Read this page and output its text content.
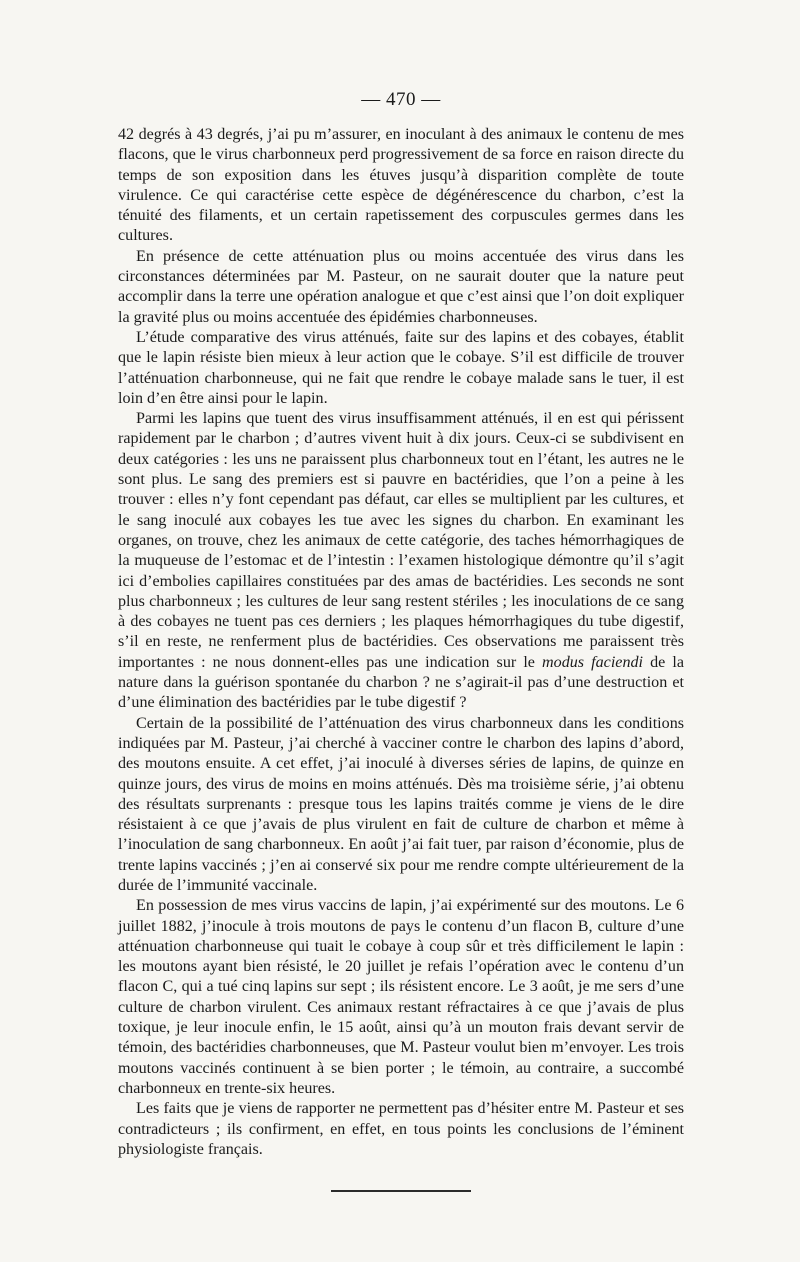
— 470 —

42 degrés à 43 degrés, j’ai pu m’assurer, en inoculant à des animaux le contenu de mes flacons, que le virus charbonneux perd progressivement de sa force en raison directe du temps de son exposition dans les étuves jusqu’à disparition complète de toute virulence. Ce qui caractérise cette espèce de dégénérescence du charbon, c’est la ténuité des filaments, et un certain rapetissement des corpuscules germes dans les cultures.

En présence de cette atténuation plus ou moins accentuée des virus dans les circonstances déterminées par M. Pasteur, on ne saurait douter que la nature peut accomplir dans la terre une opération analogue et que c’est ainsi que l’on doit expliquer la gravité plus ou moins accentuée des épidémies charbonneuses.

L’étude comparative des virus atténués, faite sur des lapins et des cobayes, établit que le lapin résiste bien mieux à leur action que le cobaye. S’il est difficile de trouver l’atténuation charbonneuse, qui ne fait que rendre le cobaye malade sans le tuer, il est loin d’en être ainsi pour le lapin.

Parmi les lapins que tuent des virus insuffisamment atténués, il en est qui périssent rapidement par le charbon ; d’autres vivent huit à dix jours. Ceux-ci se subdivisent en deux catégories : les uns ne paraissent plus charbonneux tout en l’étant, les autres ne le sont plus. Le sang des premiers est si pauvre en bactéridies, que l’on a peine à les trouver : elles n’y font cependant pas défaut, car elles se multiplient par les cultures, et le sang inoculé aux cobayes les tue avec les signes du charbon. En examinant les organes, on trouve, chez les animaux de cette catégorie, des taches hémorrhagiques de la muqueuse de l’estomac et de l’intestin : l’examen histologique démontre qu’il s’agit ici d’embolies capillaires constituées par des amas de bactéridies. Les seconds ne sont plus charbonneux ; les cultures de leur sang restent stériles ; les inoculations de ce sang à des cobayes ne tuent pas ces derniers ; les plaques hémorrhagiques du tube digestif, s’il en reste, ne renferment plus de bactéridies. Ces observations me paraissent très importantes : ne nous donnent-elles pas une indication sur le modus faciendi de la nature dans la guérison spontanée du charbon ? ne s’agirait-il pas d’une destruction et d’une élimination des bactéridies par le tube digestif ?

Certain de la possibilité de l’atténuation des virus charbonneux dans les conditions indiquées par M. Pasteur, j’ai cherché à vacciner contre le charbon des lapins d’abord, des moutons ensuite. A cet effet, j’ai inoculé à diverses séries de lapins, de quinze en quinze jours, des virus de moins en moins atténués. Dès ma troisième série, j’ai obtenu des résultats surprenants : presque tous les lapins traités comme je viens de le dire résistaient à ce que j’avais de plus virulent en fait de culture de charbon et même à l’inoculation de sang charbonneux. En août j’ai fait tuer, par raison d’économie, plus de trente lapins vaccinés ; j’en ai conservé six pour me rendre compte ultérieurement de la durée de l’immunité vaccinale.

En possession de mes virus vaccins de lapin, j’ai expérimenté sur des moutons. Le 6 juillet 1882, j’inocule à trois moutons de pays le contenu d’un flacon B, culture d’une atténuation charbonneuse qui tuait le cobaye à coup sûr et très difficilement le lapin : les moutons ayant bien résisté, le 20 juillet je refais l’opération avec le contenu d’un flacon C, qui a tué cinq lapins sur sept ; ils résistent encore. Le 3 août, je me sers d’une culture de charbon virulent. Ces animaux restant réfractaires à ce que j’avais de plus toxique, je leur inocule enfin, le 15 août, ainsi qu’à un mouton frais devant servir de témoin, des bactéridies charbonneuses, que M. Pasteur voulut bien m’envoyer. Les trois moutons vaccinés continuent à se bien porter ; le témoin, au contraire, a succombé charbonneux en trente-six heures.

Les faits que je viens de rapporter ne permettent pas d’hésiter entre M. Pasteur et ses contradicteurs ; ils confirment, en effet, en tous points les conclusions de l’éminent physiologiste français.
